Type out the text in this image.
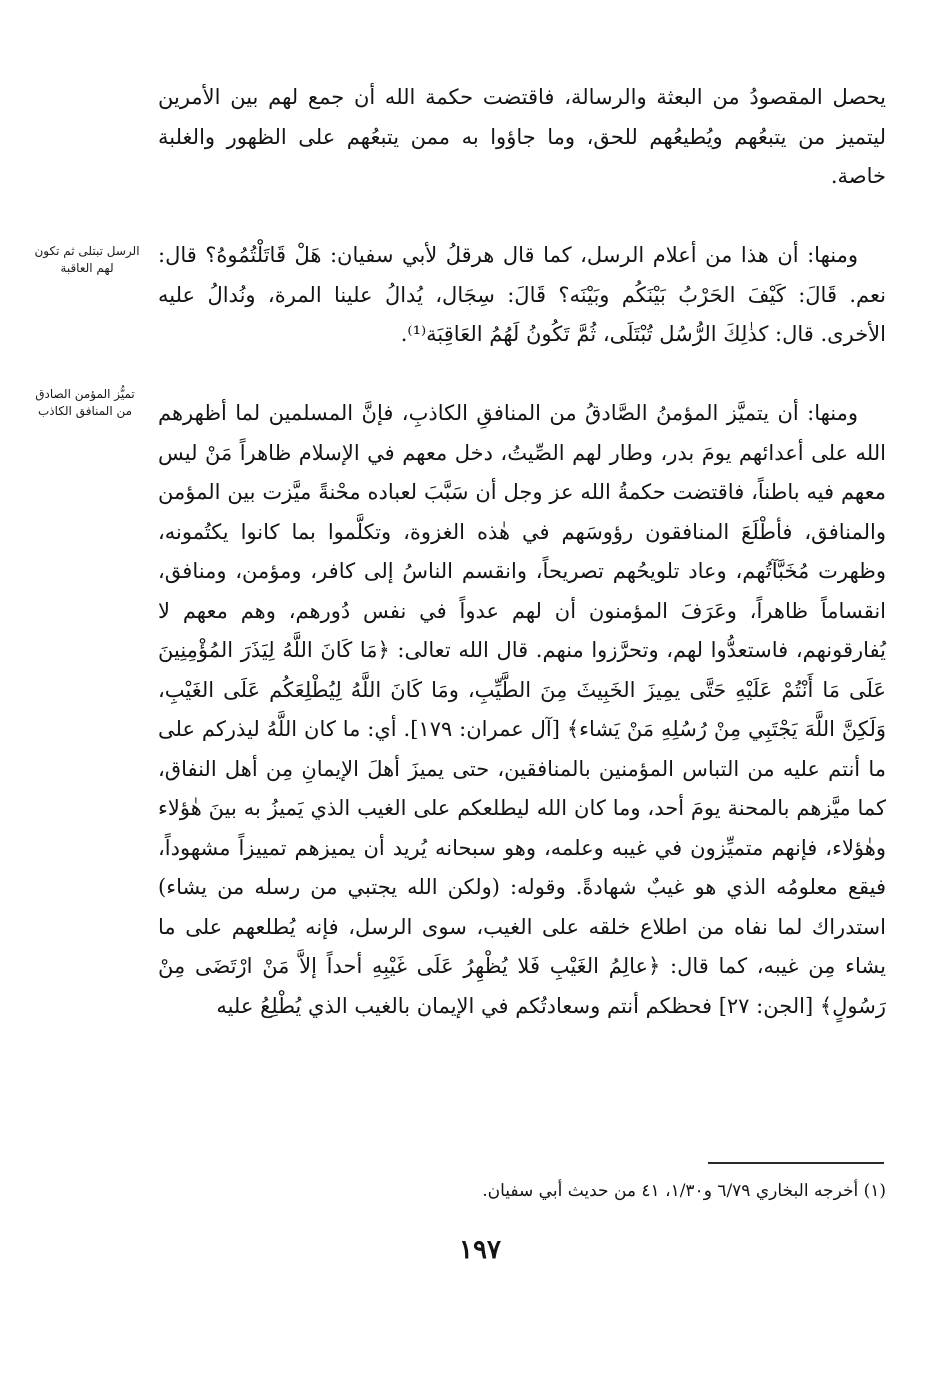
يحصل المقصودُ من البعثة والرسالة، فاقتضت حكمة الله أن جمع لهم بين الأمرين ليتميز من يتبعُهم ويُطيعُهم للحق، وما جاؤوا به ممن يتبعُهم على الظهور والغلبة خاصة.

ومنها: أن هذا من أعلام الرسل، كما قال هرقلُ لأبي سفيان: هَلْ قَاتَلْتُمُوهُ؟ قال: نعم. قَالَ: كَيْفَ الحَرْبُ بَيْنَكُم وبَيْنَه؟ قَالَ: سِجَال، يُدالُ علينا المرة، ونُدالُ عليه الأخرى. قال: كذٰلِكَ الرُّسُل تُبْتَلَى، ثُمَّ تَكُونُ لَهُمُ العَاقِبَة⁽¹⁾.

ومنها: أن يتميَّز المؤمنُ الصَّادقُ من المنافقِ الكاذبِ، فإنَّ المسلمين لما أظهرهم الله على أعدائهم يومَ بدر، وطار لهم الصِّيتُ، دخل معهم في الإسلام ظاهراً مَنْ ليس معهم فيه باطناً، فاقتضت حكمةُ الله عز وجل أن سَبَّبَ لعباده محْنةً ميَّزت بين المؤمن والمنافق، فأطْلَعَ المنافقون رؤوسَهم في هٰذه الغزوة، وتكلَّموا بما كانوا يكتُمونه، وظهرت مُخَبَّآتُهم، وعاد تلويحُهم تصريحاً، وانقسم الناسُ إلى كافر، ومؤمن، ومنافق، انقساماً ظاهراً، وعَرَفَ المؤمنون أن لهم عدواً في نفس دُورهم، وهم معهم لا يُفارقونهم، فاستعدُّوا لهم، وتحرَّزوا منهم. قال الله تعالى: ﴿مَا كَانَ اللَّهُ لِيَذَرَ المُؤْمِنِينَ عَلَى مَا أَنْتُمْ عَلَيْهِ حَتَّى يمِيزَ الخَبِيثَ مِنَ الطَّيِّبِ، ومَا كَانَ اللَّهُ لِيُطْلِعَكُم عَلَى الغَيْبِ، وَلَكِنَّ اللَّهَ يَجْتَبِي مِنْ رُسُلِهِ مَنْ يَشاء﴾ [آل عمران: ١٧٩]. أي: ما كان اللَّهُ ليذركم على ما أنتم عليه من التباس المؤمنين بالمنافقين، حتى يميزَ أهلَ الإيمانِ مِن أهل النفاق، كما ميَّزهم بالمحنة يومَ أحد، وما كان الله ليطلعكم على الغيب الذي يَميزُ به بينَ هٰؤلاء وهٰؤلاء، فإنهم متميِّزون في غيبه وعلمه، وهو سبحانه يُريد أن يميزهم تمييزاً مشهوداً، فيقع معلومُه الذي هو غيبٌ شهادةً. وقوله: (ولكن الله يجتبي من رسله من يشاء) استدراك لما نفاه من اطلاع خلقه على الغيب، سوى الرسل، فإنه يُطلعهم على ما يشاء مِن غيبه، كما قال: ﴿عالِمُ الغَيْبِ فَلا يُظْهِرُ عَلَى غَيْبِهِ أحداً إلاَّ مَنْ ارْتَضَى مِنْ رَسُولٍ﴾ [الجن: ٢٧] فحظكم أنتم وسعادتُكم في الإيمان بالغيب الذي يُطْلِعُ عليه

الرسل تبتلى ثم تكون لهم العاقبة
تميُّز المؤمن الصادق من المنافق الكاذب
(١) أخرجه البخاري ٦/٧٩ و١/٣٠، ٤١ من حديث أبي سفيان.
١٩٧
